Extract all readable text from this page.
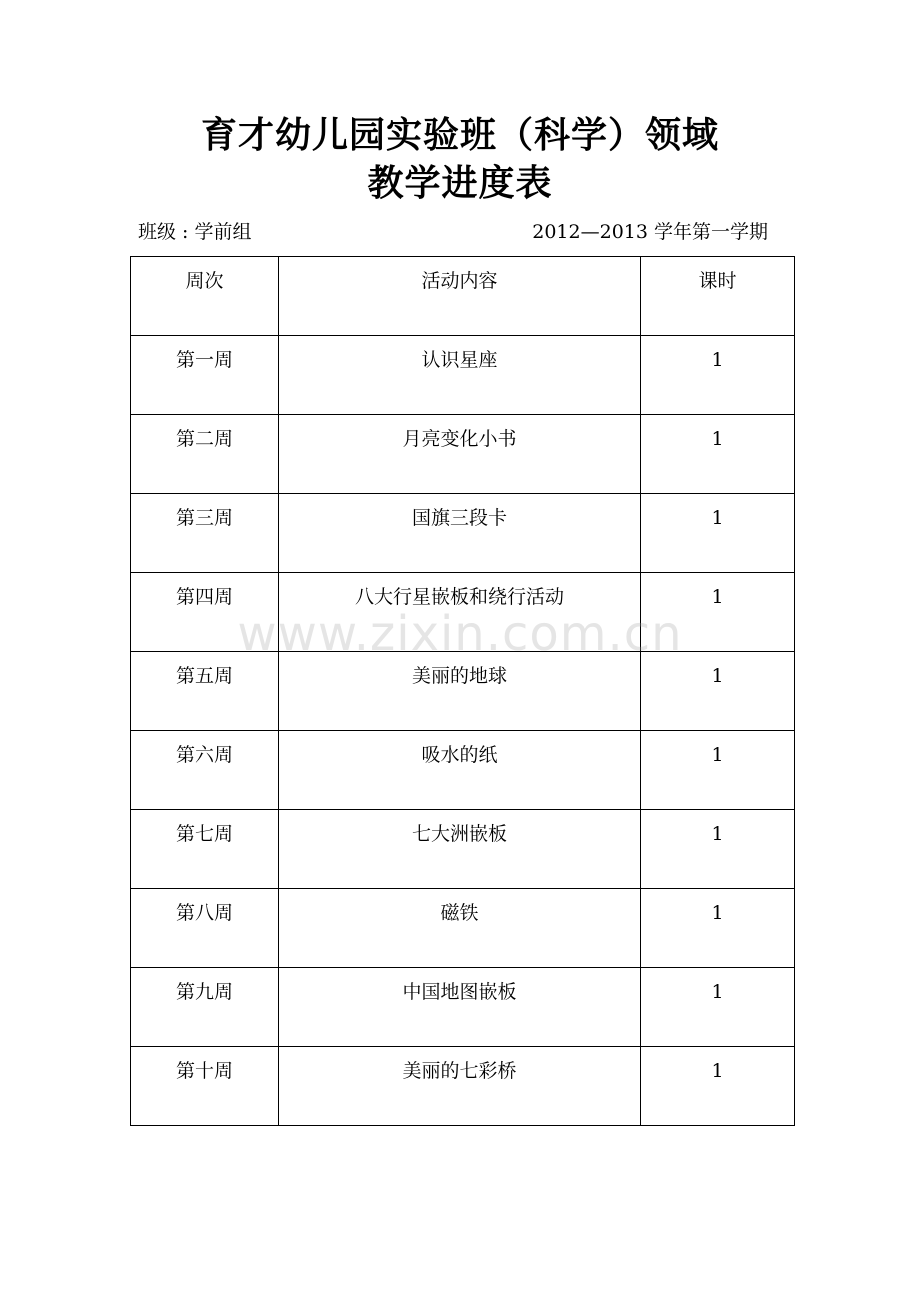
育才幼儿园实验班（科学）领域
教学进度表
班级 : 学前组	2012—2013 学年第一学期
周次	活动内容	课时
第一周	认识星座	1
第二周	月亮变化小书	1
第三周	国旗三段卡	1
第四周	八大行星嵌板和绕行活动	1
第五周	美丽的地球	1
第六周	吸水的纸	1
第七周	七大洲嵌板	1
第八周	磁铁	1
第九周	中国地图嵌板	1
第十周	美丽的七彩桥	1
www.zixin.com.cn
